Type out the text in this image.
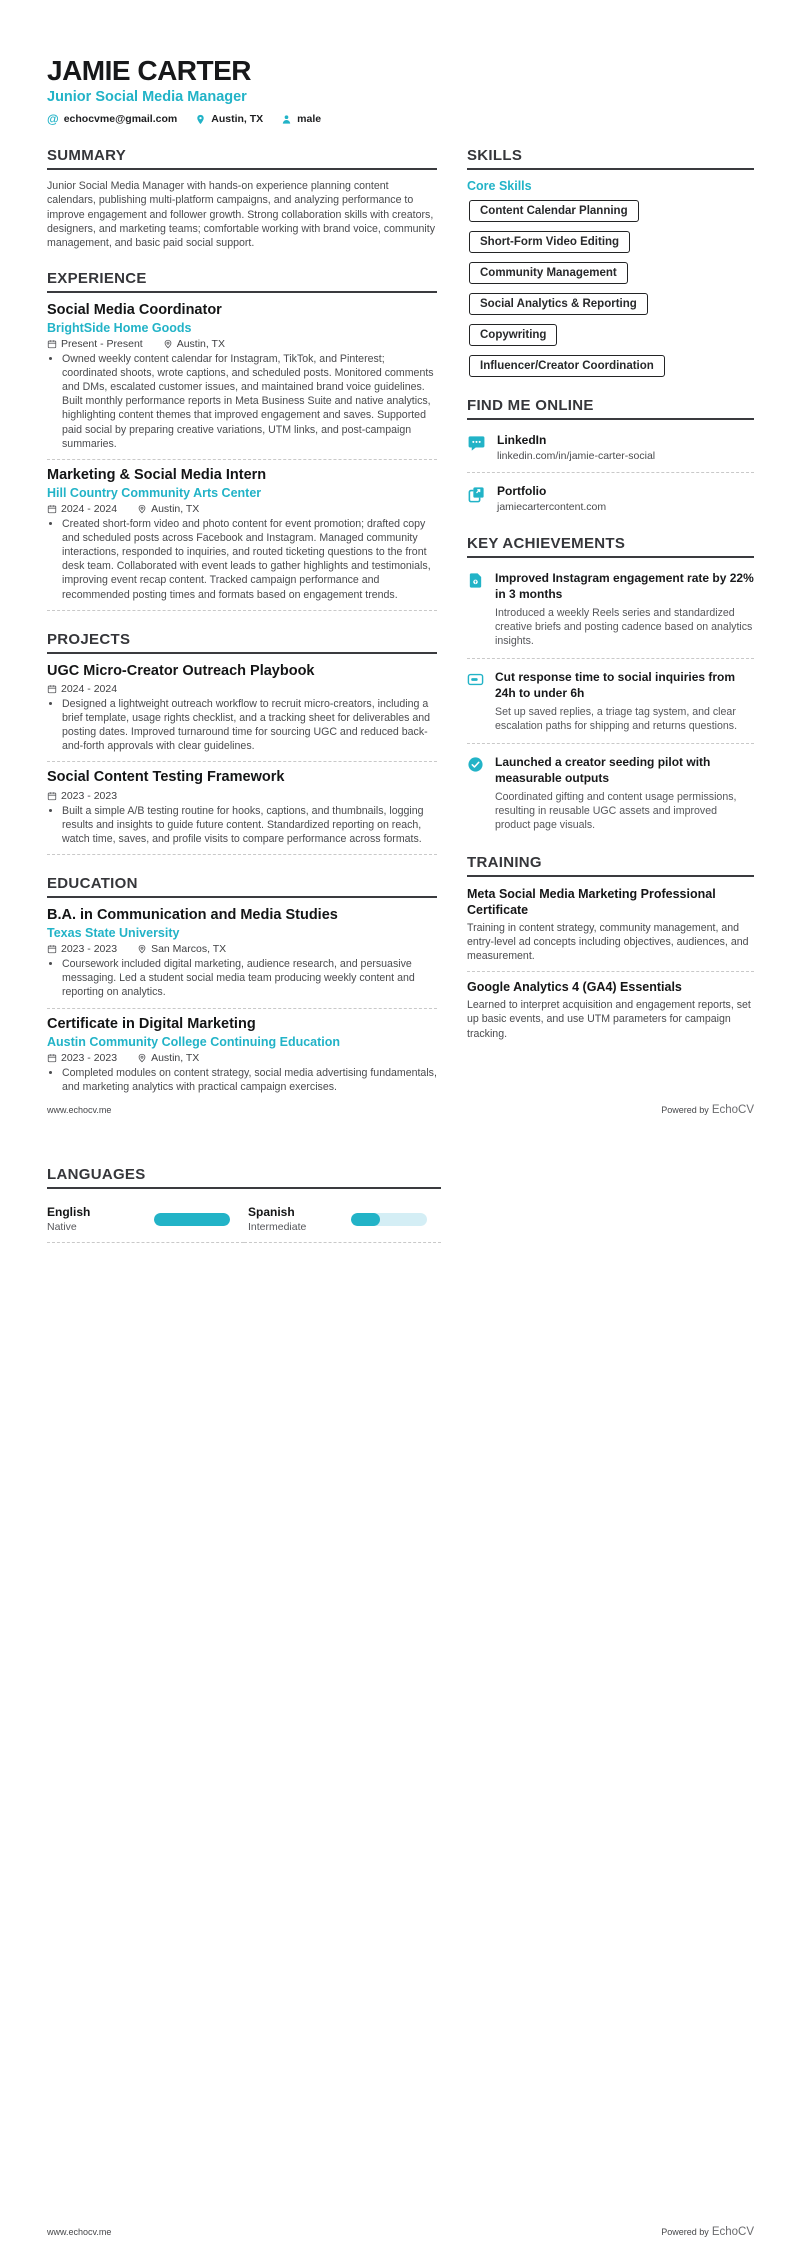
JAMIE CARTER
Junior Social Media Manager
@ echocvme@gmail.com	Austin, TX	male
SUMMARY
Junior Social Media Manager with hands-on experience planning content calendars, publishing multi-platform campaigns, and analyzing performance to improve engagement and follower growth. Strong collaboration skills with creators, designers, and marketing teams; comfortable working with brand voice, community management, and basic paid social support.
EXPERIENCE
Social Media Coordinator
BrightSide Home Goods
Present - Present	Austin, TX
• Owned weekly content calendar for Instagram, TikTok, and Pinterest; coordinated shoots, wrote captions, and scheduled posts. Monitored comments and DMs, escalated customer issues, and maintained brand voice guidelines. Built monthly performance reports in Meta Business Suite and native analytics, highlighting content themes that improved engagement and saves. Supported paid social by preparing creative variations, UTM links, and post-campaign summaries.
Marketing & Social Media Intern
Hill Country Community Arts Center
2024 - 2024	Austin, TX
• Created short-form video and photo content for event promotion; drafted copy and scheduled posts across Facebook and Instagram. Managed community interactions, responded to inquiries, and routed ticketing questions to the front desk team. Collaborated with event leads to gather highlights and testimonials, improving event recap content. Tracked campaign performance and recommended posting times and formats based on engagement trends.
PROJECTS
UGC Micro-Creator Outreach Playbook
2024 - 2024
• Designed a lightweight outreach workflow to recruit micro-creators, including a brief template, usage rights checklist, and a tracking sheet for deliverables and posting dates. Improved turnaround time for sourcing UGC and reduced back-and-forth approvals with clear guidelines.
Social Content Testing Framework
2023 - 2023
• Built a simple A/B testing routine for hooks, captions, and thumbnails, logging results and insights to guide future content. Standardized reporting on reach, watch time, saves, and profile visits to compare performance across formats.
EDUCATION
B.A. in Communication and Media Studies
Texas State University
2023 - 2023	San Marcos, TX
• Coursework included digital marketing, audience research, and persuasive messaging. Led a student social media team producing weekly content and reporting on analytics.
Certificate in Digital Marketing
Austin Community College Continuing Education
2023 - 2023	Austin, TX
• Completed modules on content strategy, social media advertising fundamentals, and marketing analytics with practical campaign exercises.
SKILLS
Core Skills
Content Calendar Planning
Short-Form Video Editing
Community Management
Social Analytics & Reporting
Copywriting
Influencer/Creator Coordination
FIND ME ONLINE
LinkedIn
linkedin.com/in/jamie-carter-social
Portfolio
jamiecartercontent.com
KEY ACHIEVEMENTS
Improved Instagram engagement rate by 22% in 3 months
Introduced a weekly Reels series and standardized creative briefs and posting cadence based on analytics insights.
Cut response time to social inquiries from 24h to under 6h
Set up saved replies, a triage tag system, and clear escalation paths for shipping and returns questions.
Launched a creator seeding pilot with measurable outputs
Coordinated gifting and content usage permissions, resulting in reusable UGC assets and improved product page visuals.
TRAINING
Meta Social Media Marketing Professional Certificate
Training in content strategy, community management, and entry-level ad concepts including objectives, audiences, and measurement.
Google Analytics 4 (GA4) Essentials
Learned to interpret acquisition and engagement reports, set up basic events, and use UTM parameters for campaign tracking.
www.echocv.me	Powered by EchoCV
LANGUAGES
English
Native
Spanish
Intermediate
www.echocv.me	Powered by EchoCV
